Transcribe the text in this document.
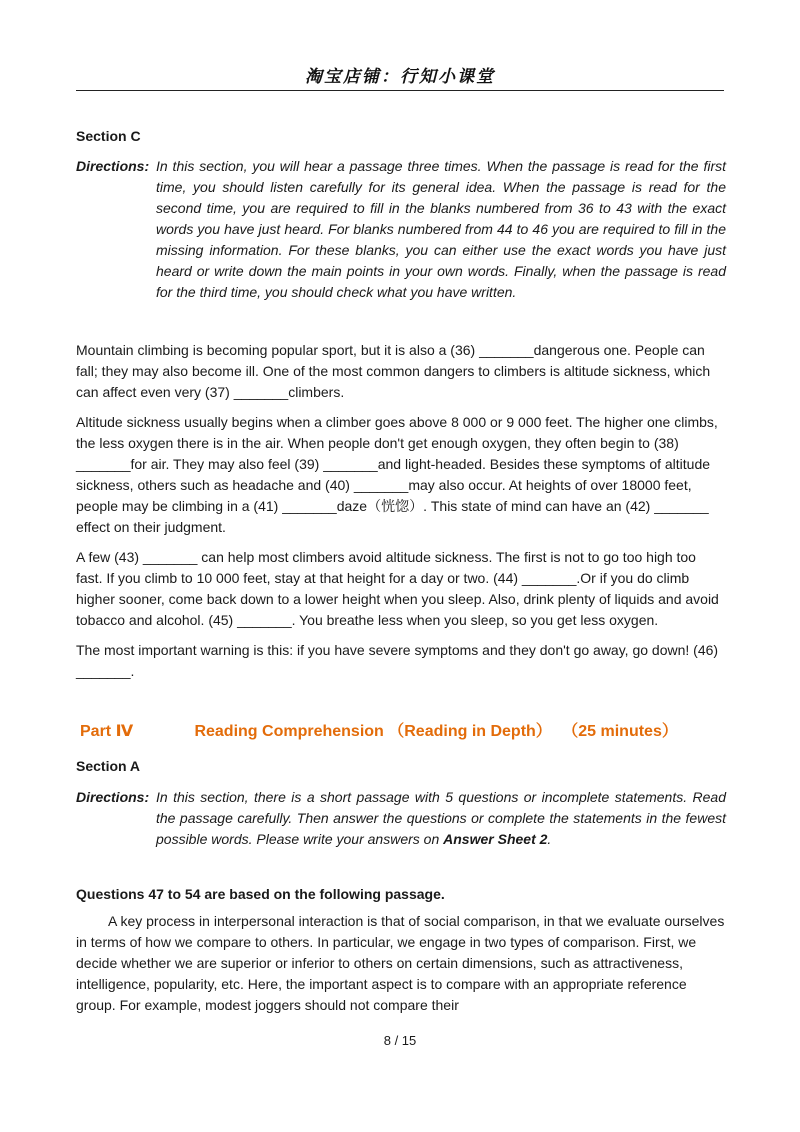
淘宝店铺：行知小课堂
Section C
Directions: In this section, you will hear a passage three times. When the passage is read for the first time, you should listen carefully for its general idea. When the passage is read for the second time, you are required to fill in the blanks numbered from 36 to 43 with the exact words you have just heard. For blanks numbered from 44 to 46 you are required to fill in the missing information. For these blanks, you can either use the exact words you have just heard or write down the main points in your own words. Finally, when the passage is read for the third time, you should check what you have written.

Mountain climbing is becoming popular sport, but it is also a (36) _______dangerous one. People can fall; they may also become ill. One of the most common dangers to climbers is altitude sickness, which can affect even very (37) _______climbers.

Altitude sickness usually begins when a climber goes above 8 000 or 9 000 feet. The higher one climbs, the less oxygen there is in the air. When people don't get enough oxygen, they often begin to (38) _______for air. They may also feel (39) _______and light-headed. Besides these symptoms of altitude sickness, others such as headache and (40) _______may also occur. At heights of over 18000 feet, people may be climbing in a (41) _______daze（恍惚）. This state of mind can have an (42) _______ effect on their judgment.

A few (43) _______ can help most climbers avoid altitude sickness. The first is not to go too high too fast. If you climb to 10 000 feet, stay at that height for a day or two. (44) _______.Or if you do climb higher sooner, come back down to a lower height when you sleep. Also, drink plenty of liquids and avoid tobacco and alcohol. (45) _______. You breathe less when you sleep, so you get less oxygen.

The most important warning is this: if you have severe symptoms and they don't go away, go down! (46) _______.

Part Ⅳ	Reading Comprehension （Reading in Depth） （25 minutes）
Section A
Directions: In this section, there is a short passage with 5 questions or incomplete statements. Read the passage carefully. Then answer the questions or complete the statements in the fewest possible words. Please write your answers on Answer Sheet 2.
Questions 47 to 54 are based on the following passage.

A key process in interpersonal interaction is that of social comparison, in that we evaluate ourselves in terms of how we compare to others. In particular, we engage in two types of comparison. First, we decide whether we are superior or inferior to others on certain dimensions, such as attractiveness, intelligence, popularity, etc. Here, the important aspect is to compare with an appropriate reference group. For example, modest joggers should not compare their

8 / 15
